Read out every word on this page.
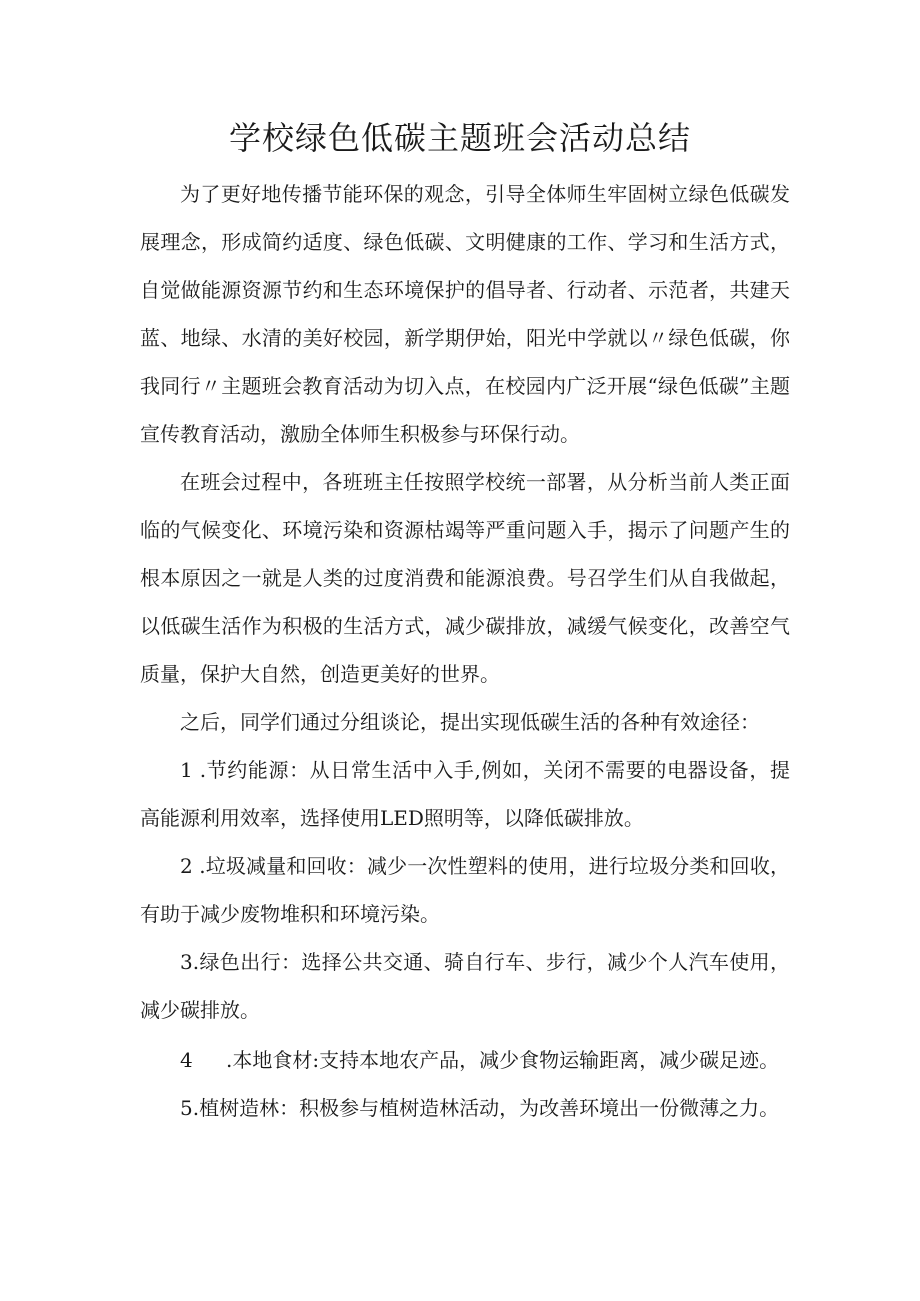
学校绿色低碳主题班会活动总结

为了更好地传播节能环保的观念，引导全体师生牢固树立绿色低碳发展理念，形成简约适度、绿色低碳、文明健康的工作、学习和生活方式，自觉做能源资源节约和生态环境保护的倡导者、行动者、示范者，共建天蓝、地绿、水清的美好校园，新学期伊始，阳光中学就以〃绿色低碳，你我同行〃主题班会教育活动为切入点，在校园内广泛开展“绿色低碳”主题宣传教育活动，激励全体师生积极参与环保行动。

在班会过程中，各班班主任按照学校统一部署，从分析当前人类正面临的气候变化、环境污染和资源枯竭等严重问题入手，揭示了问题产生的根本原因之一就是人类的过度消费和能源浪费。号召学生们从自我做起，以低碳生活作为积极的生活方式，减少碳排放，减缓气候变化，改善空气质量，保护大自然，创造更美好的世界。

之后，同学们通过分组谈论，提出实现低碳生活的各种有效途径：

1 .节约能源：从日常生活中入手,例如，关闭不需要的电器设备，提高能源利用效率，选择使用LED照明等，以降低碳排放。

2 .垃圾减量和回收：减少一次性塑料的使用，进行垃圾分类和回收，有助于减少废物堆积和环境污染。

3.绿色出行：选择公共交通、骑自行车、步行，减少个人汽车使用，减少碳排放。

4 .本地食材:支持本地农产品，减少食物运输距离，减少碳足迹。

5.植树造林：积极参与植树造林活动，为改善环境出一份微薄之力。
